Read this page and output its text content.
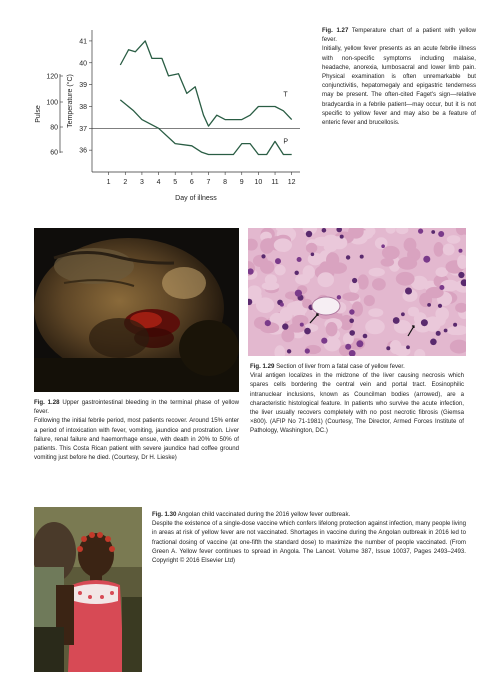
36
37
38
39
40
41
1 2 3 4 5 6 7 8 9 10 11 12
Day of illness
Temperature (°C)
60
80
100
120
Pulse
T
P

Fig. 1.27 Temperature chart of a patient with yellow fever.

Initially, yellow fever presents as an acute febrile illness with non-specific symptoms including malaise, headache, anorexia, lumbosacral and lower limb pain. Physical examination is often unremarkable but conjunctivitis, hepatomegaly and epigastric tenderness may be present. The often-cited Faget's sign—relative bradycardia in a febrile patient—may occur, but it is not specific to yellow fever and may also be a feature of enteric fever and brucellosis.

Fig. 1.28 Upper gastrointestinal bleeding in the terminal phase of yellow fever.

Following the initial febrile period, most patients recover. Around 15% enter a period of intoxication with fever, vomiting, jaundice and prostration. Liver failure, renal failure and haemorrhage ensue, with death in 20% to 50% of patients. This Costa Rican patient with severe jaundice had coffee ground vomiting just before he died. (Courtesy, Dr H. Lieske)

Fig. 1.29 Section of liver from a fatal case of yellow fever.

Viral antigen localizes in the midzone of the liver causing necrosis which spares cells bordering the central vein and portal tract. Eosinophilic intranuclear inclusions, known as Councilman bodies (arrowed), are a characteristic histological feature. In patients who survive the acute infection, the liver usually recovers completely with no post necrotic fibrosis (Giemsa ×800). (AFIP No 71-1981) (Courtesy, The Director, Armed Forces Institute of Pathology, Washington, DC.)

Fig. 1.30 Angolan child vaccinated during the 2016 yellow fever outbreak.

Despite the existence of a single-dose vaccine which confers lifelong protection against infection, many people living in areas at risk of yellow fever are not vaccinated. Shortages in vaccine during the Angolan outbreak in 2016 led to fractional dosing of vaccine (at one-fifth the standard dose) to maximize the number of people vaccinated. (From Green A. Yellow fever continues to spread in Angola. The Lancet. Volume 387, Issue 10037, Pages 2493–2493. Copyright © 2016 Elsevier Ltd)
